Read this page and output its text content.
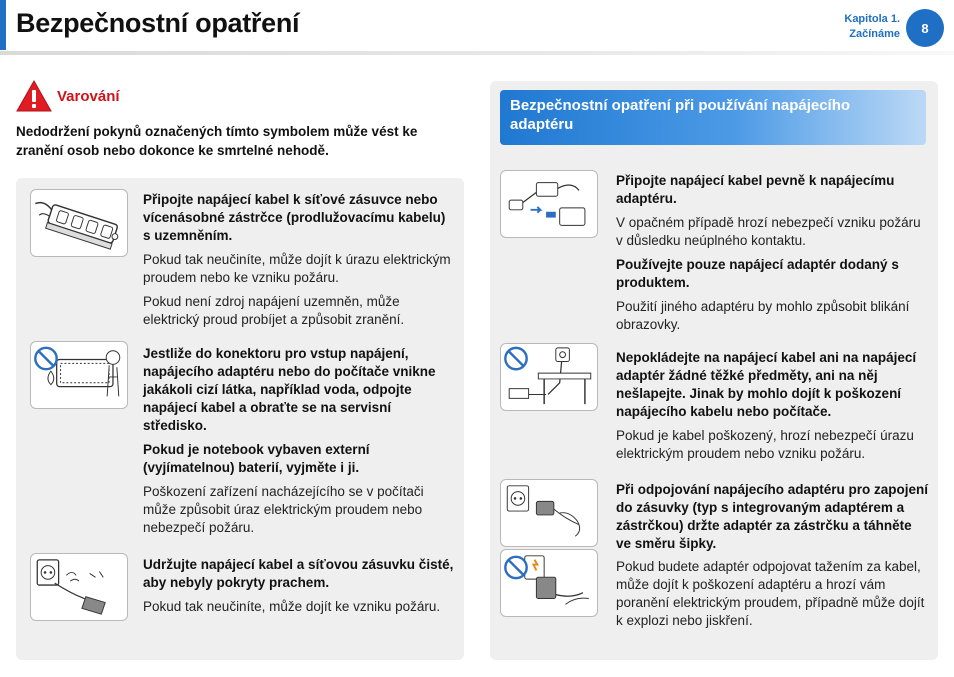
Bezpečnostní opatření	Kapitola 1.
Začínáme	8
Varování
Nedodržení pokynů označených tímto symbolem může vést ke zranění osob nebo dokonce ke smrtelné nehodě.

Připojte napájecí kabel k síťové zásuvce nebo vícenásobné zástrčce (prodlužovacímu kabelu) s uzemněním.

Pokud tak neučiníte, může dojít k úrazu elektrickým proudem nebo ke vzniku požáru.

Pokud není zdroj napájení uzemněn, může elektrický proud probíjet a způsobit zranění.

Jestliže do konektoru pro vstup napájení, napájecího adaptéru nebo do počítače vnikne jakákoli cizí látka, například voda, odpojte napájecí kabel a obraťte se na servisní středisko.

Pokud je notebook vybaven externí (vyjímatelnou) baterií, vyjměte i ji.

Poškození zařízení nacházejícího se v počítači může způsobit úraz elektrickým proudem nebo nebezpečí požáru.

Udržujte napájecí kabel a síťovou zásuvku čisté, aby nebyly pokryty prachem.

Pokud tak neučiníte, může dojít ke vzniku požáru.

Bezpečnostní opatření při používání napájecího adaptéru

Připojte napájecí kabel pevně k napájecímu adaptéru.

V opačném případě hrozí nebezpečí vzniku požáru v důsledku neúplného kontaktu.

Používejte pouze napájecí adaptér dodaný s produktem.

Použití jiného adaptéru by mohlo způsobit blikání obrazovky.

Nepokládejte na napájecí kabel ani na napájecí adaptér žádné těžké předměty, ani na něj nešlapejte. Jinak by mohlo dojít k poškození napájecího kabelu nebo počítače.

Pokud je kabel poškozený, hrozí nebezpečí úrazu elektrickým proudem nebo vzniku požáru.

Při odpojování napájecího adaptéru pro zapojení do zásuvky (typ s integrovaným adaptérem a zástrčkou) držte adaptér za zástrčku a táhněte ve směru šipky.

Pokud budete adaptér odpojovat tažením za kabel, může dojít k poškození adaptéru a hrozí vám poranění elektrickým proudem, případně může dojít k explozi nebo jiskření.
